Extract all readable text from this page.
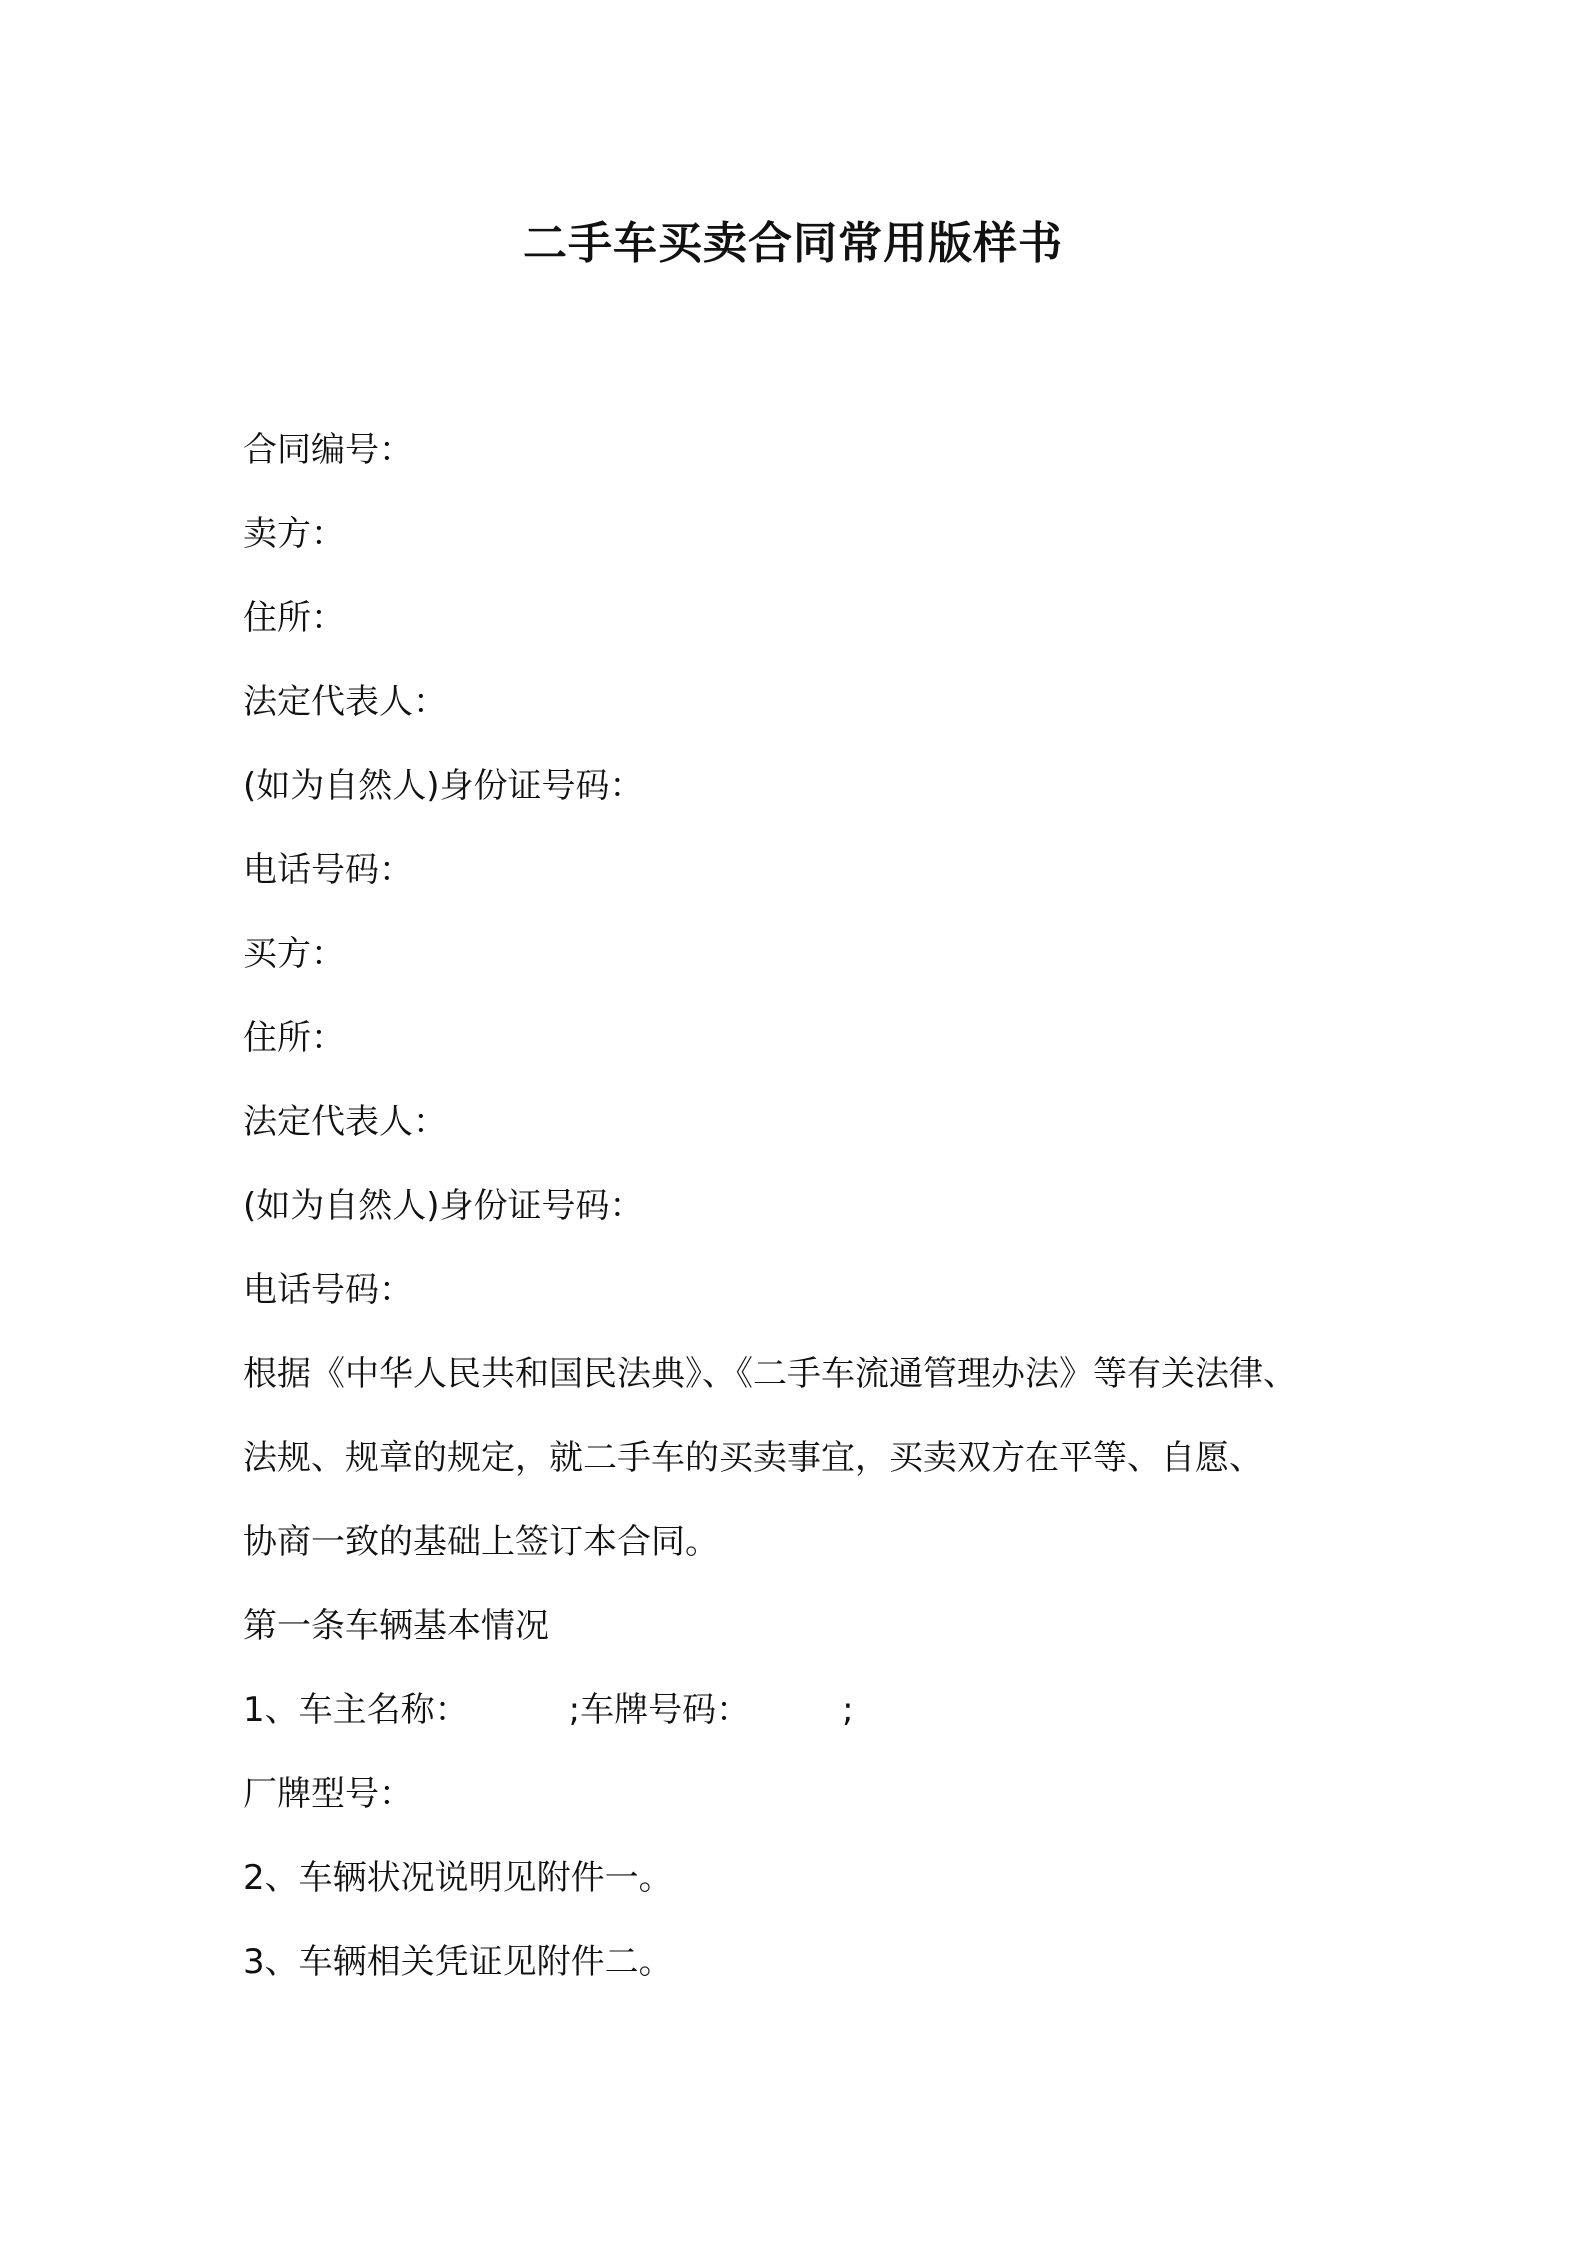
二手车买卖合同常用版样书
合同编号：
卖方：
住所：
法定代表人：
(如为自然人)身份证号码：
电话号码：
买方：
住所：
法定代表人：
(如为自然人)身份证号码：
电话号码：
根据《中华人民共和国民法典》、《二手车流通管理办法》等有关法律、
法规、规章的规定，就二手车的买卖事宜，买卖双方在平等、自愿、
协商一致的基础上签订本合同。
第一条车辆基本情况
1、车主名称：	;车牌号码：	;
厂牌型号：
2、车辆状况说明见附件一。
3、车辆相关凭证见附件二。
